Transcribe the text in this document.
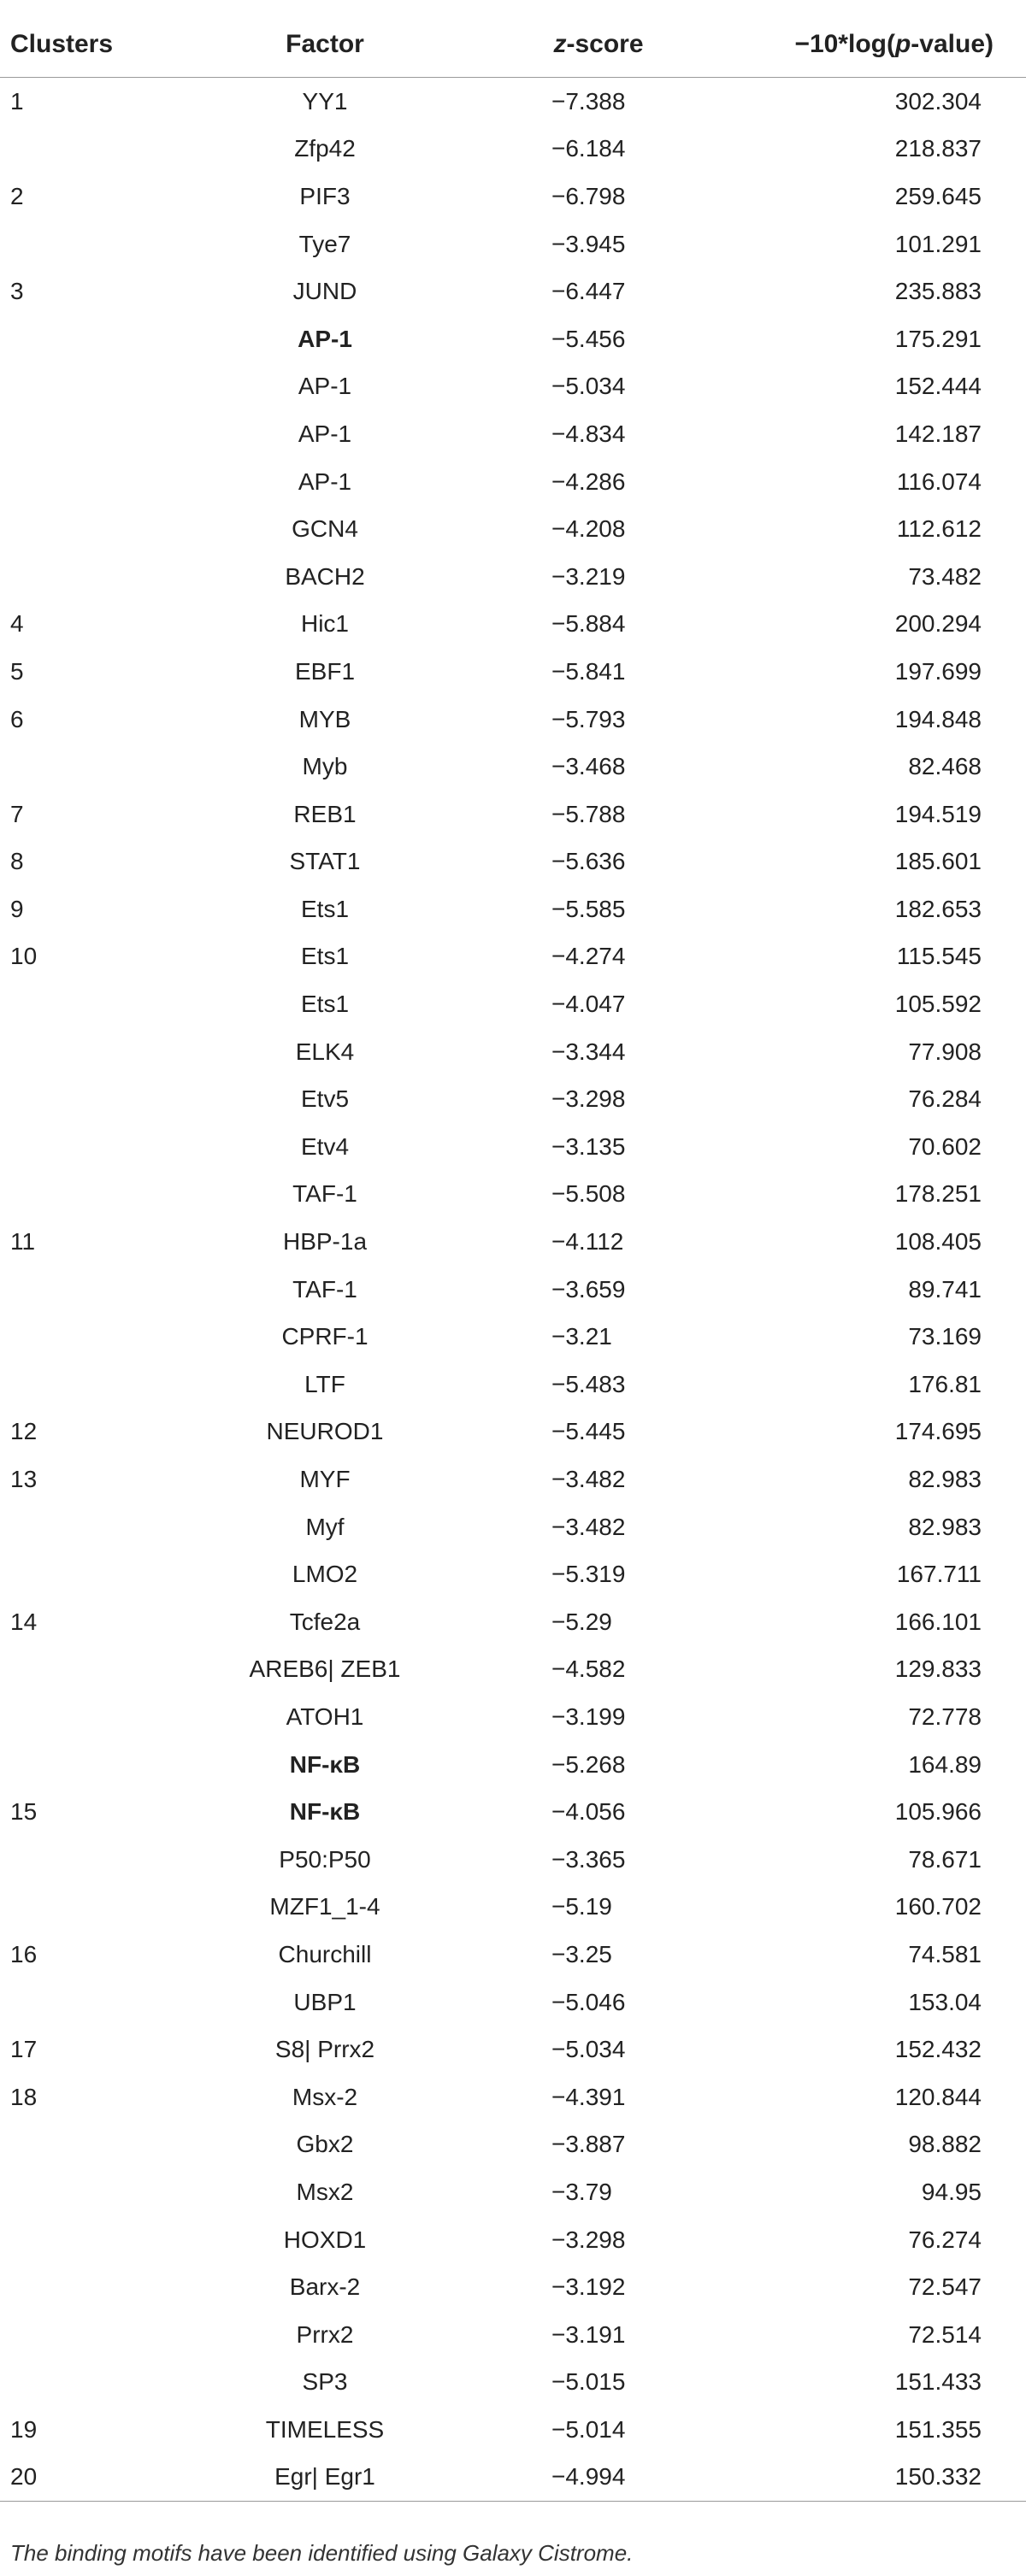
Clusters	Factor	z-score	−10*log(p-value)
1	YY1	−7.388	302.304
	Zfp42	−6.184	218.837
2	PIF3	−6.798	259.645
	Tye7	−3.945	101.291
3	JUND	−6.447	235.883
	AP-1	−5.456	175.291
	AP-1	−5.034	152.444
	AP-1	−4.834	142.187
	AP-1	−4.286	116.074
	GCN4	−4.208	112.612
	BACH2	−3.219	73.482
4	Hic1	−5.884	200.294
5	EBF1	−5.841	197.699
6	MYB	−5.793	194.848
	Myb	−3.468	82.468
7	REB1	−5.788	194.519
8	STAT1	−5.636	185.601
9	Ets1	−5.585	182.653
10	Ets1	−4.274	115.545
	Ets1	−4.047	105.592
	ELK4	−3.344	77.908
	Etv5	−3.298	76.284
	Etv4	−3.135	70.602
	TAF-1	−5.508	178.251
11	HBP-1a	−4.112	108.405
	TAF-1	−3.659	89.741
	CPRF-1	−3.21	73.169
	LTF	−5.483	176.81
12	NEUROD1	−5.445	174.695
13	MYF	−3.482	82.983
	Myf	−3.482	82.983
	LMO2	−5.319	167.711
14	Tcfe2a	−5.29	166.101
	AREB6| ZEB1	−4.582	129.833
	ATOH1	−3.199	72.778
	NF-κB	−5.268	164.89
15	NF-κB	−4.056	105.966
	P50:P50	−3.365	78.671
	MZF1_1-4	−5.19	160.702
16	Churchill	−3.25	74.581
	UBP1	−5.046	153.04
17	S8| Prrx2	−5.034	152.432
18	Msx-2	−4.391	120.844
	Gbx2	−3.887	98.882
	Msx2	−3.79	94.95
	HOXD1	−3.298	76.274
	Barx-2	−3.192	72.547
	Prrx2	−3.191	72.514
	SP3	−5.015	151.433
19	TIMELESS	−5.014	151.355
20	Egr| Egr1	−4.994	150.332
The binding motifs have been identified using Galaxy Cistrome.
